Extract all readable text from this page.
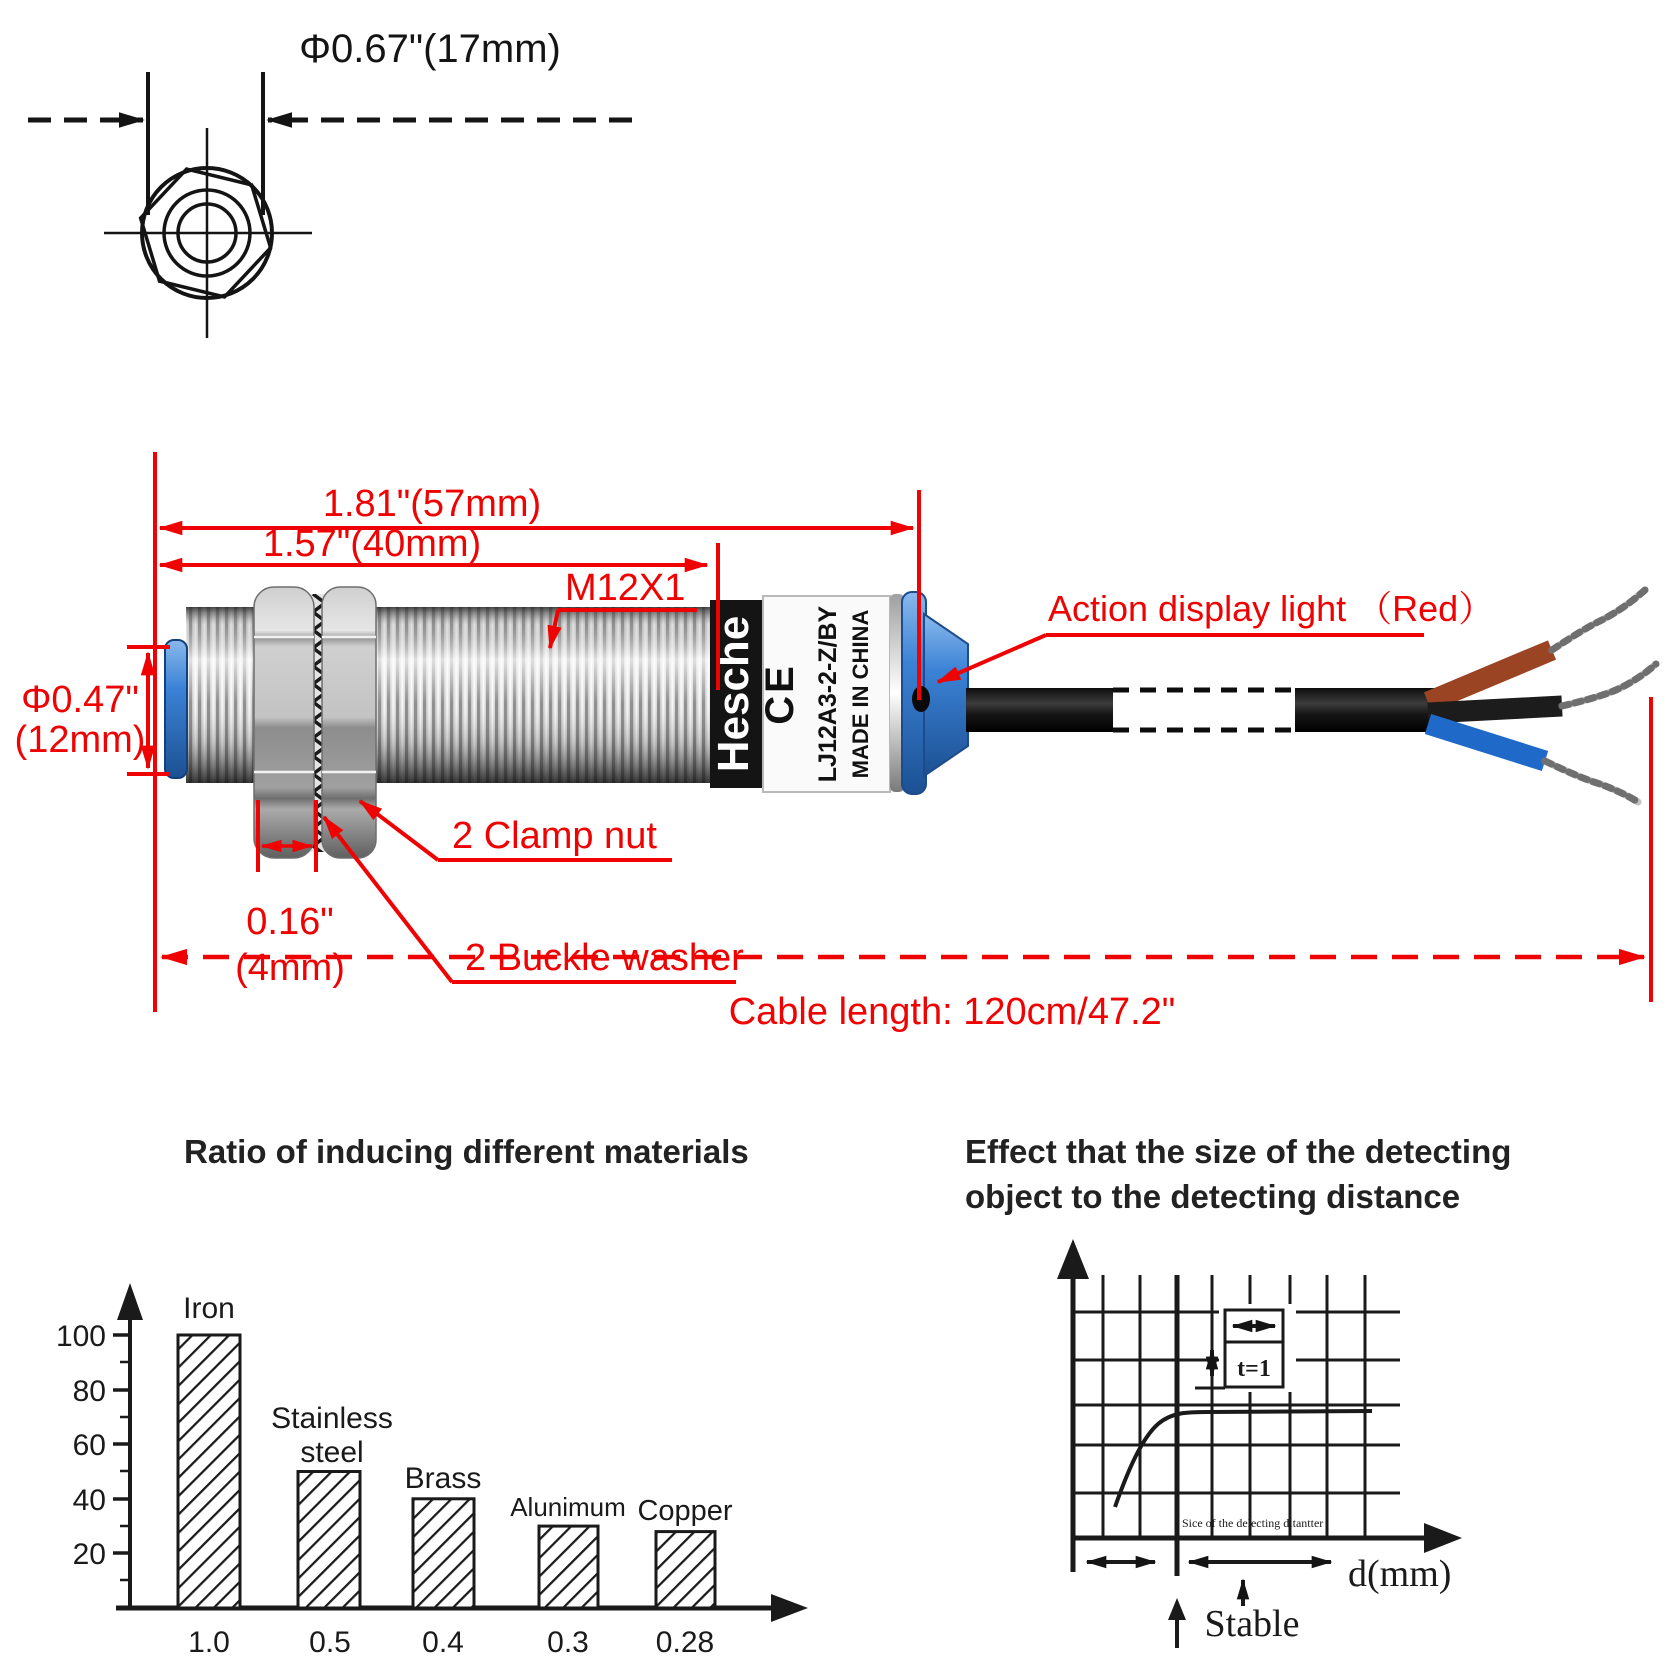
Φ0.67"(17mm)
Hesche CE LJ12A3-2-Z/BY MADE IN CHINA
1.81"(57mm)
1.57"(40mm)
M12X1
Φ0.47"
(12mm)
0.16"
(4mm)
2 Clamp nut
2 Buckle washer
Action display light （Red）
Cable length: 120cm/47.2"
Ratio of inducing different materials
100
80
60
40
20
Iron
Stainless
steel
Brass
Alunimum Copper
1.0	0.5 0.4	0.3 0.28
Effect that the size of the detecting
object to the detecting distance
t=1
Sice of the delecting ditantter
d(mm)
Stable
